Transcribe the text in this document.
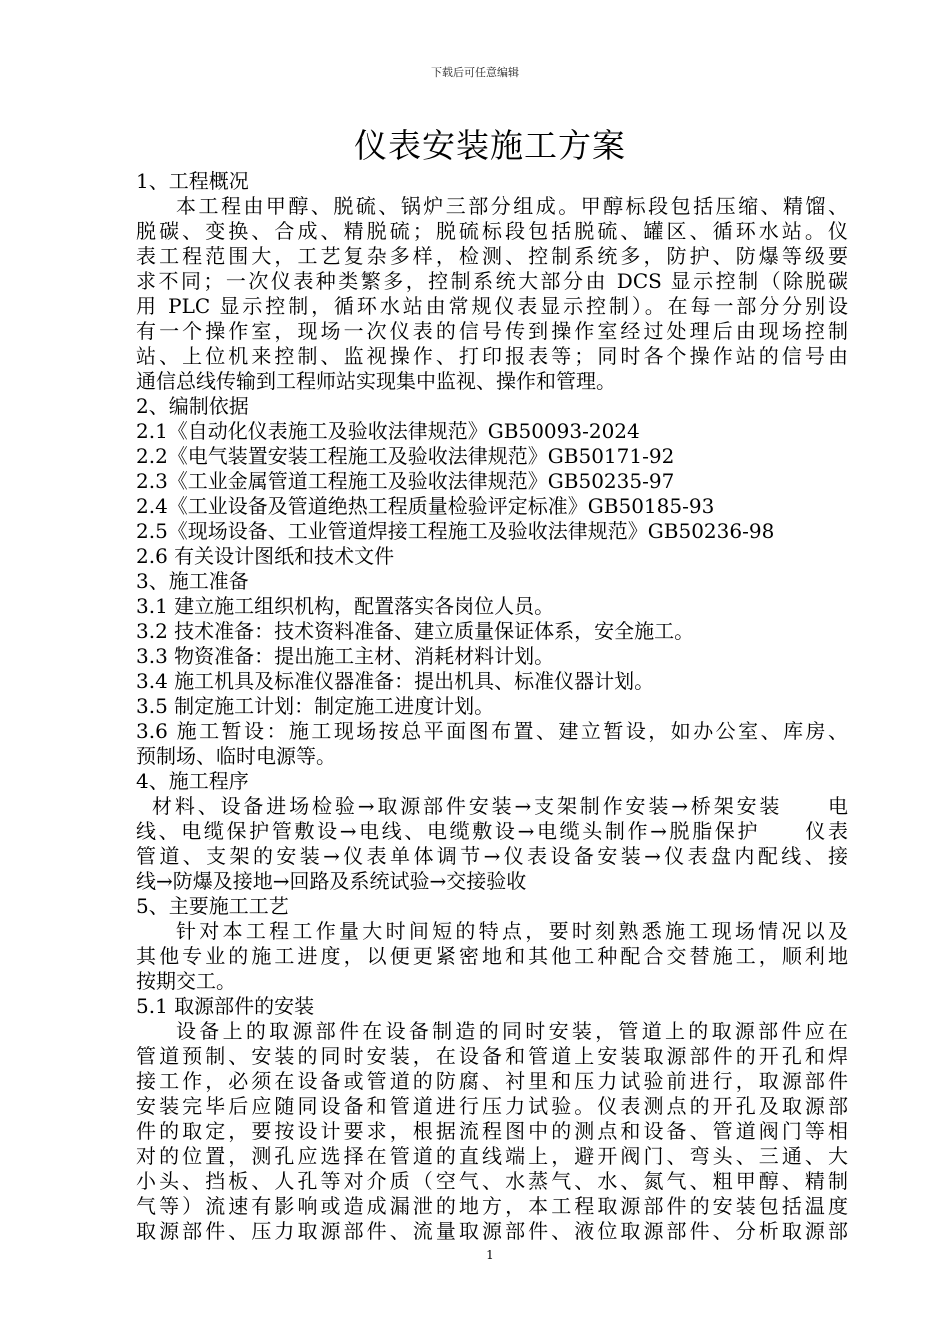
下载后可任意编辑
仪表安装施工方案
1、工程概况
本工程由甲醇、脱硫、锅炉三部分组成。甲醇标段包括压缩、精馏、
脱碳、变换、合成、精脱硫；脱硫标段包括脱硫、罐区、循环水站。仪
表工程范围大，工艺复杂多样，检测、控制系统多，防护、防爆等级要
求不同；一次仪表种类繁多，控制系统大部分由 DCS 显示控制（除脱碳
用 PLC 显示控制，循环水站由常规仪表显示控制）。在每一部分分别设
有一个操作室，现场一次仪表的信号传到操作室经过处理后由现场控制
站、上位机来控制、监视操作、打印报表等；同时各个操作站的信号由
通信总线传输到工程师站实现集中监视、操作和管理。
2、编制依据
2.1《自动化仪表施工及验收法律规范》GB50093-2024
2.2《电气装置安装工程施工及验收法律规范》GB50171-92
2.3《工业金属管道工程施工及验收法律规范》GB50235-97
2.4《工业设备及管道绝热工程质量检验评定标准》GB50185-93
2.5《现场设备、工业管道焊接工程施工及验收法律规范》GB50236-98
2.6 有关设计图纸和技术文件
3、施工准备
3.1 建立施工组织机构，配置落实各岗位人员。
3.2 技术准备：技术资料准备、建立质量保证体系，安全施工。
3.3 物资准备：提出施工主材、消耗材料计划。
3.4 施工机具及标准仪器准备：提出机具、标准仪器计划。
3.5 制定施工计划：制定施工进度计划。
3.6 施工暂设：施工现场按总平面图布置、建立暂设，如办公室、库房、
预制场、临时电源等。
4、施工程序
材料、设备进场检验→取源部件安装→支架制作安装→桥架安装　　电
线、电缆保护管敷设→电线、电缆敷设→电缆头制作→脱脂保护　　仪表
管道、支架的安装→仪表单体调节→仪表设备安装→仪表盘内配线、接
线→防爆及接地→回路及系统试验→交接验收
5、主要施工工艺
针对本工程工作量大时间短的特点，要时刻熟悉施工现场情况以及
其他专业的施工进度，以便更紧密地和其他工种配合交替施工，顺利地
按期交工。
5.1 取源部件的安装
设备上的取源部件在设备制造的同时安装，管道上的取源部件应在
管道预制、安装的同时安装，在设备和管道上安装取源部件的开孔和焊
接工作，必须在设备或管道的防腐、衬里和压力试验前进行，取源部件
安装完毕后应随同设备和管道进行压力试验。仪表测点的开孔及取源部
件的取定，要按设计要求，根据流程图中的测点和设备、管道阀门等相
对的位置，测孔应选择在管道的直线端上，避开阀门、弯头、三通、大
小头、挡板、人孔等对介质（空气、水蒸气、水、氮气、粗甲醇、精制
气等）流速有影响或造成漏泄的地方，本工程取源部件的安装包括温度
取源部件、压力取源部件、流量取源部件、液位取源部件、分析取源部
1
